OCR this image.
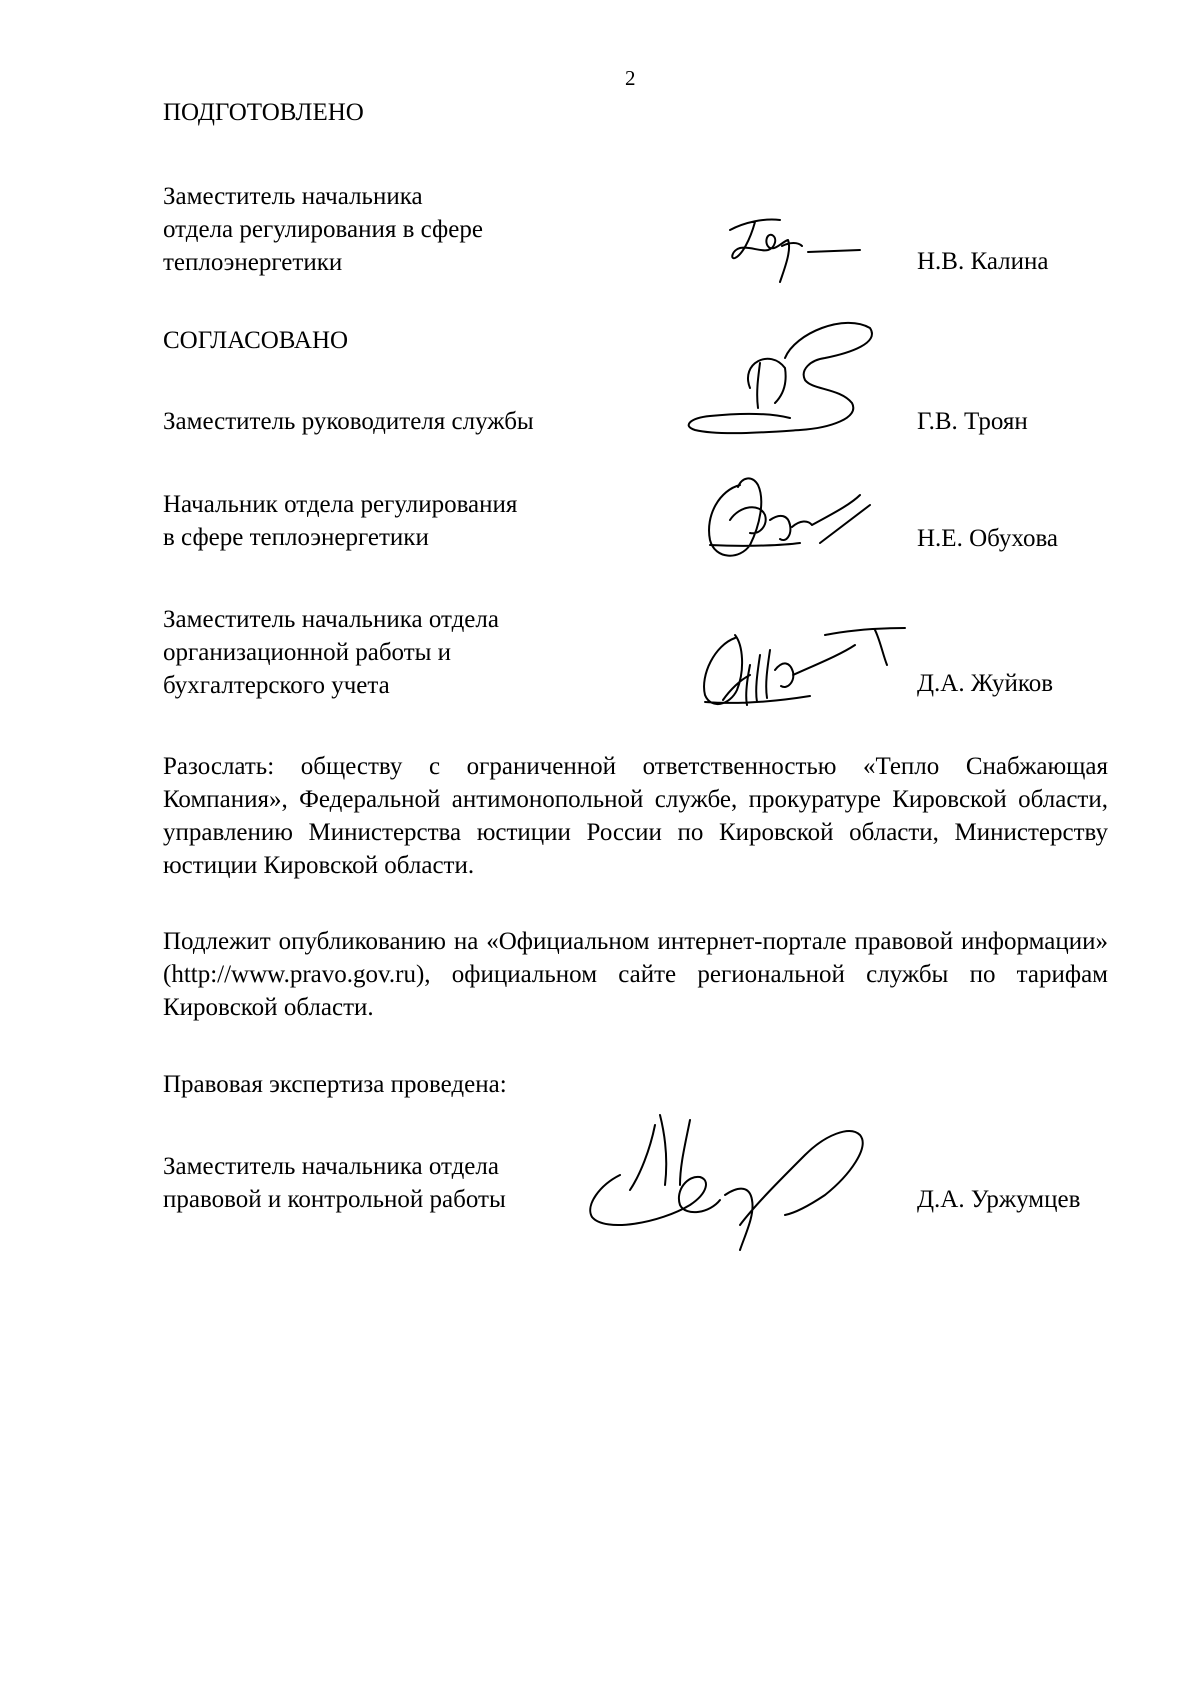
2
ПОДГОТОВЛЕНО
Заместитель начальника
отдела регулирования в сфере
теплоэнергетики	Н.В. Калина
СОГЛАСОВАНО
Заместитель руководителя службы	Г.В. Троян
Начальник отдела регулирования
в сфере теплоэнергетики	Н.Е. Обухова
Заместитель начальника отдела
организационной работы и
бухгалтерского учета	Д.А. Жуйков
Разослать: обществу с ограниченной ответственностью «Тепло Снабжающая Компания», Федеральной антимонопольной службе, прокуратуре Кировской области, управлению Министерства юстиции России по Кировской области, Министерству юстиции Кировской области.
Подлежит опубликованию на «Официальном интернет-портале правовой информации» (http://www.pravo.gov.ru), официальном сайте региональной службы по тарифам Кировской области.
Правовая экспертиза проведена:
Заместитель начальника отдела
правовой и контрольной работы	Д.А. Уржумцев
